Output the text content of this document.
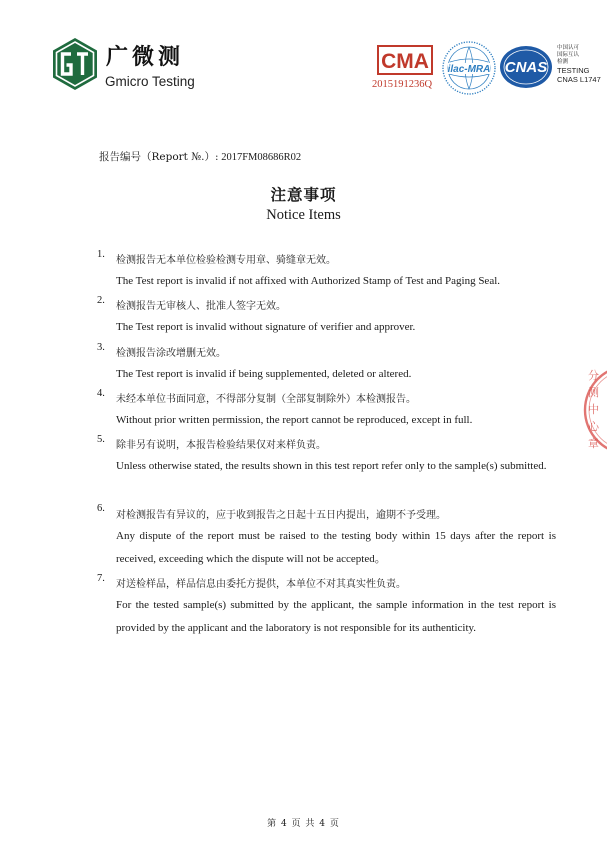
广微测
Gmicro Testing
CMA
2015191236Q
ilac-MRA CNAS
中国认可
国际互认
检测
TESTING
CNAS L1747
报告编号（Report №.）: 2017FM08686R02
注意事项
Notice Items
1.
检测报告无本单位检验检测专用章、骑缝章无效。
The Test report is invalid if not affixed with Authorized Stamp of Test and Paging Seal.
2.
检测报告无审核人、批准人签字无效。
The Test report is invalid without signature of verifier and approver.
3.
检测报告涂改增删无效。
The Test report is invalid if being supplemented, deleted or altered.
4.
未经本单位书面同意，不得部分复制（全部复制除外）本检测报告。
Without prior written permission, the report cannot be reproduced, except in full.
5.
除非另有说明，本报告检验结果仅对来样负责。
Unless otherwise stated, the results shown in this test report refer only to the sample(s) submitted.
6.
对检测报告有异议的，应于收到报告之日起十五日内提出，逾期不予受理。
Any dispute of the report must be raised to the testing body within 15 days after the report is received, exceeding which the dispute will not be accepted。
7.
对送检样品，样品信息由委托方提供，本单位不对其真实性负责。
For the tested sample(s) submitted by the applicant, the sample information in the test report is provided by the applicant and the laboratory is not responsible for its authenticity.
分测中心章
第 4 页 共 4 页
